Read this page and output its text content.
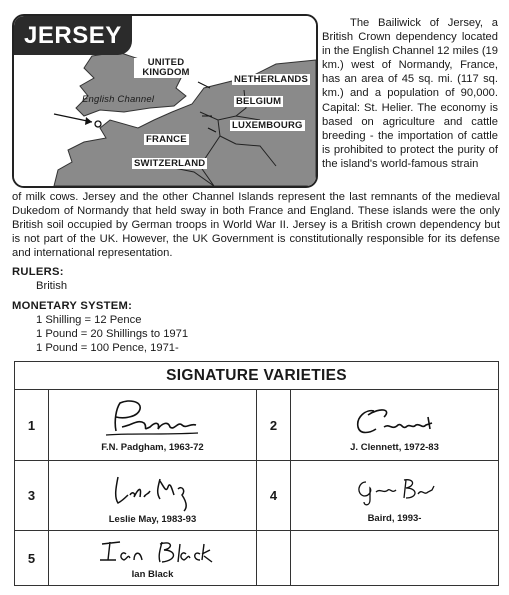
JERSEY
UNITED KINGDOM
English Channel
NETHERLANDS
BELGIUM
LUXEMBOURG
FRANCE
SWITZERLAND
The Bailiwick of Jersey, a British Crown dependency located in the English Channel 12 miles (19 km.) west of Normandy, France, has an area of 45 sq. mi. (117 sq. km.) and a population of 90,000. Capital: St. Helier. The economy is based on agriculture and cattle breeding - the importation of cattle is prohibited to protect the purity of the island's world-famous strain
of milk cows. Jersey and the other Channel Islands represent the last remnants of the medieval Dukedom of Normandy that held sway in both France and England. These islands were the only British soil occupied by German troops in World War II. Jersey is a British crown dependency but is not part of the UK. However, the UK Government is constitutionally responsible for its defense and international representation.
RULERS:
British
MONETARY SYSTEM:
1 Shilling = 12 Pence
1 Pound = 20 Shillings to 1971
1 Pound = 100 Pence, 1971-
SIGNATURE VARIETIES			
1	F.N. Padgham, 1963-72	2	J. Clennett, 1972-83

3	Leslie May, 1983-93	4	Baird, 1993-

5	Ian Black		
